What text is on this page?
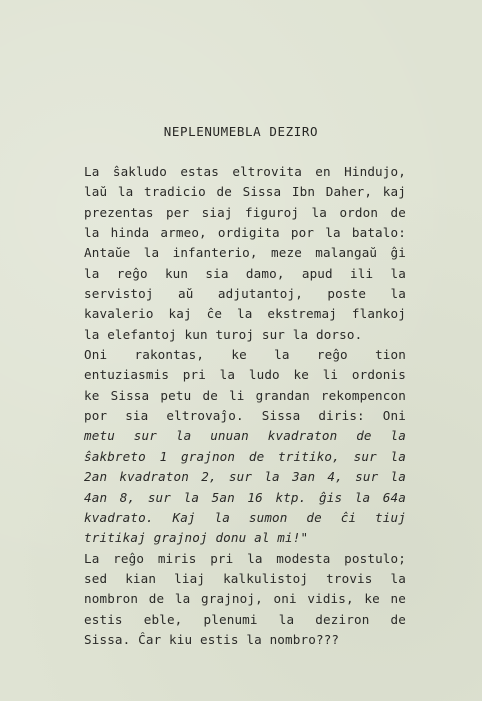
NEPLENUMEBLA DEZIRO
La ŝakludo estas eltrovita en Hindujo,
laŭ la tradicio de Sissa Ibn Daher, kaj
prezentas per siaj figuroj la ordon de
la hinda armeo, ordigita por la batalo:
Antaŭe la infanterio, meze malangaŭ ĝi
la reĝo kun sia damo, apud ili la
servistoj aŭ adjutantoj, poste la
kavalerio kaj ĉe la ekstremaj flankoj
la elefantoj kun turoj sur la dorso.
Oni rakontas, ke la reĝo tion
entuziasmis pri la ludo ke li ordonis
ke Sissa petu de li grandan rekompencon
por sia eltrovaĵo. Sissa diris: Oni
metu sur la unuan kvadraton de la
ŝakbreto 1 grajnon de tritiko, sur la
2an kvadraton 2, sur la 3an 4, sur la
4an 8, sur la 5an 16 ktp. ĝis la 64a
kvadrato. Kaj la sumon de ĉi tiuj
tritikaj grajnoj donu al mi!"
La reĝo miris pri la modesta postulo;
sed kian liaj kalkulistoj trovis la
nombron de la grajnoj, oni vidis, ke ne
estis eble, plenumi la deziron de
Sissa. Ĉar kiu estis la nombro???
